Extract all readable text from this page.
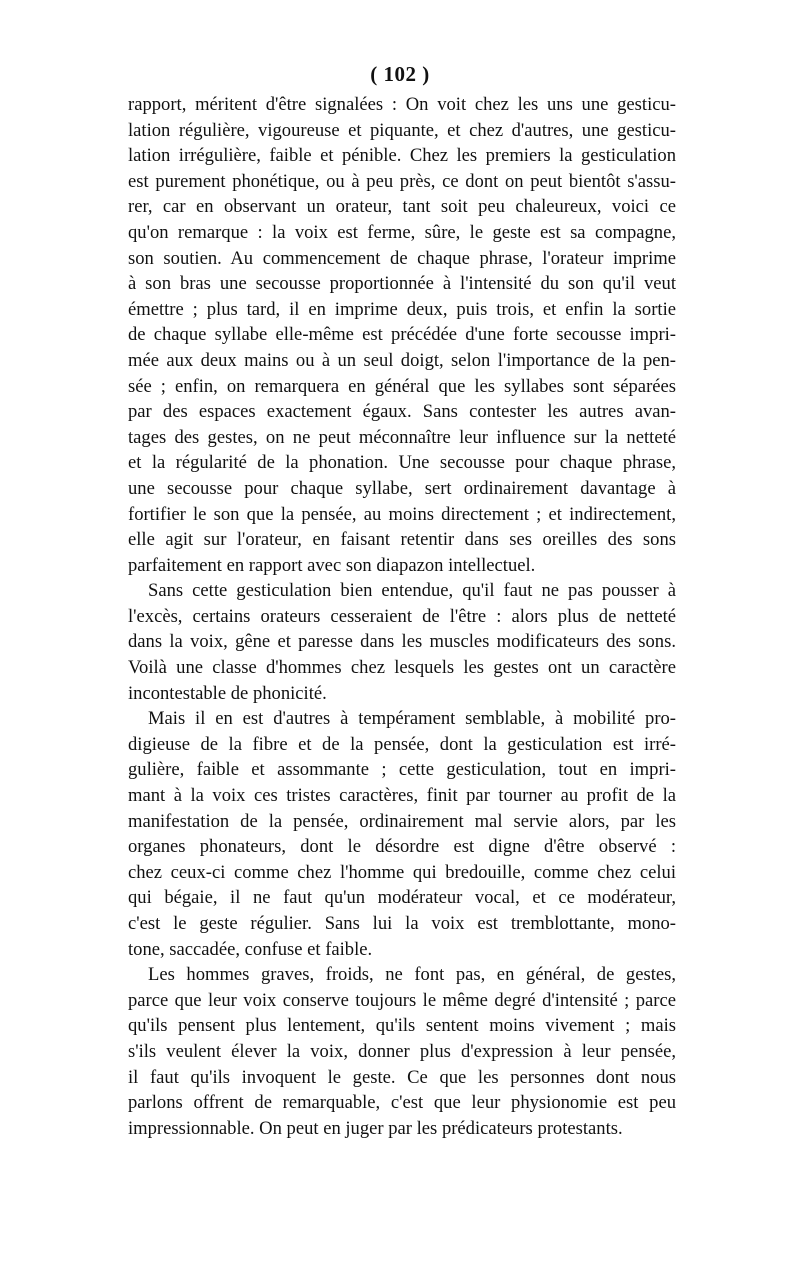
( 102 )
rapport, méritent d'être signalées : On voit chez les uns une gesticu-
lation régulière, vigoureuse et piquante, et chez d'autres, une gesticu-
lation irrégulière, faible et pénible. Chez les premiers la gesticulation
est purement phonétique, ou à peu près, ce dont on peut bientôt s'assu-
rer, car en observant un orateur, tant soit peu chaleureux, voici ce
qu'on remarque : la voix est ferme, sûre, le geste est sa compagne,
son soutien. Au commencement de chaque phrase, l'orateur imprime
à son bras une secousse proportionnée à l'intensité du son qu'il veut
émettre ; plus tard, il en imprime deux, puis trois, et enfin la sortie
de chaque syllabe elle-même est précédée d'une forte secousse impri-
mée aux deux mains ou à un seul doigt, selon l'importance de la pen-
sée ; enfin, on remarquera en général que les syllabes sont séparées
par des espaces exactement égaux. Sans contester les autres avan-
tages des gestes, on ne peut méconnaître leur influence sur la netteté
et la régularité de la phonation. Une secousse pour chaque phrase,
une secousse pour chaque syllabe, sert ordinairement davantage à
fortifier le son que la pensée, au moins directement ; et indirectement,
elle agit sur l'orateur, en faisant retentir dans ses oreilles des sons
parfaitement en rapport avec son diapazon intellectuel.
Sans cette gesticulation bien entendue, qu'il faut ne pas pousser à
l'excès, certains orateurs cesseraient de l'être : alors plus de netteté
dans la voix, gêne et paresse dans les muscles modificateurs des sons.
Voilà une classe d'hommes chez lesquels les gestes ont un caractère
incontestable de phonicité.
Mais il en est d'autres à tempérament semblable, à mobilité pro-
digieuse de la fibre et de la pensée, dont la gesticulation est irré-
gulière, faible et assommante ; cette gesticulation, tout en impri-
mant à la voix ces tristes caractères, finit par tourner au profit de la
manifestation de la pensée, ordinairement mal servie alors, par les
organes phonateurs, dont le désordre est digne d'être observé :
chez ceux-ci comme chez l'homme qui bredouille, comme chez celui
qui bégaie, il ne faut qu'un modérateur vocal, et ce modérateur,
c'est le geste régulier. Sans lui la voix est tremblottante, mono-
tone, saccadée, confuse et faible.
Les hommes graves, froids, ne font pas, en général, de gestes,
parce que leur voix conserve toujours le même degré d'intensité ; parce
qu'ils pensent plus lentement, qu'ils sentent moins vivement ; mais
s'ils veulent élever la voix, donner plus d'expression à leur pensée,
il faut qu'ils invoquent le geste. Ce que les personnes dont nous
parlons offrent de remarquable, c'est que leur physionomie est peu
impressionnable. On peut en juger par les prédicateurs protestants.
